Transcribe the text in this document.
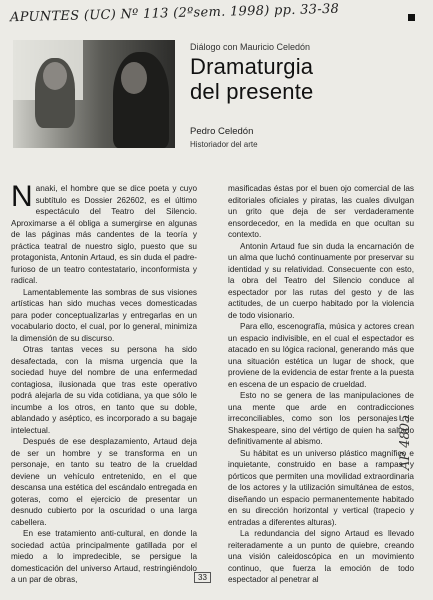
APUNTES (UC) Nº 113 (2ºsem. 1998) pp. 33-38
Diálogo con Mauricio Celedón
Dramaturgia
del presente
Pedro Celedón
Historiador del arte

Nanaki, el hombre que se dice poeta y cuyo subtítulo es Dossier 262602, es el último espectáculo del Teatro del Silencio. Aproximarse a él obliga a sumergirse en algunas de las páginas más candentes de la teoría y práctica teatral de nuestro siglo, puesto que su protagonista, Antonin Artaud, es sin duda el padre-furioso de un teatro contestatario, inconformista y radical.

Lamentablemente las sombras de sus visiones artísticas han sido muchas veces domesticadas para poder conceptualizarlas y entregarlas en un vocabulario docto, el cual, por lo general, minimiza la dimensión de su discurso.

Otras tantas veces su persona ha sido desafectada, con la misma urgencia que la sociedad huye del nombre de una enfermedad contagiosa, ilusionada que tras este operativo podrá alejarla de su vida cotidiana, ya que sólo le incumbe a los otros, en tanto que su doble, ablandado y aséptico, es incorporado a su bagaje intelectual.

Después de ese desplazamiento, Artaud deja de ser un hombre y se transforma en un personaje, en tanto su teatro de la crueldad deviene un vehículo entretenido, en el que descansa una estética del escándalo entregada en goteras, como el ejercicio de presentar un desnudo cubierto por la oscuridad o una larga cabellera.

En ese tratamiento anti-cultural, en donde la sociedad actúa principalmente gatillada por el miedo a lo impredecible, se persigue la domesticación del universo Artaud, restringiéndolo a un par de obras,

masificadas éstas por el buen ojo comercial de las editoriales oficiales y piratas, las cuales divulgan un grito que deja de ser verdaderamente ensordecedor, en la medida en que ocultan su contexto.

Antonin Artaud fue sin duda la encarnación de un alma que luchó continuamente por preservar su identidad y su relatividad. Consecuente con esto, la obra del Teatro del Silencio conduce al espectador por las rutas del gesto y de las actitudes, de un cuerpo habitado por la violencia de todo visionario.

Para ello, escenografía, música y actores crean un espacio indivisible, en el cual el espectador es atacado en su lógica racional, generando más que una situación estética un lugar de shock, que proviene de la evidencia de estar frente a la puesta en escena de un espacio de crueldad.

Esto no se genera de las manipulaciones de una mente que arde en contradicciones irreconciliables, como son los personajes de Shakespeare, sino del vértigo de quien ha saltado definitivamente al abismo.

Su hábitat es un universo plástico magnífico e inquietante, construido en base a rampas y pórticos que permiten una movilidad extraordinaria de los actores y la utilización simultánea de estos, diseñando un espacio permanentemente habitado en su dirección horizontal y vertical (trapecio y entradas a diferentes alturas).

La redundancia del signo Artaud es llevado reiteradamente a un punto de quiebre, creando una visión caleidoscópica en un movimiento continuo, que fuerza la emoción de todo espectador al penetrar al

33
AP 4805
